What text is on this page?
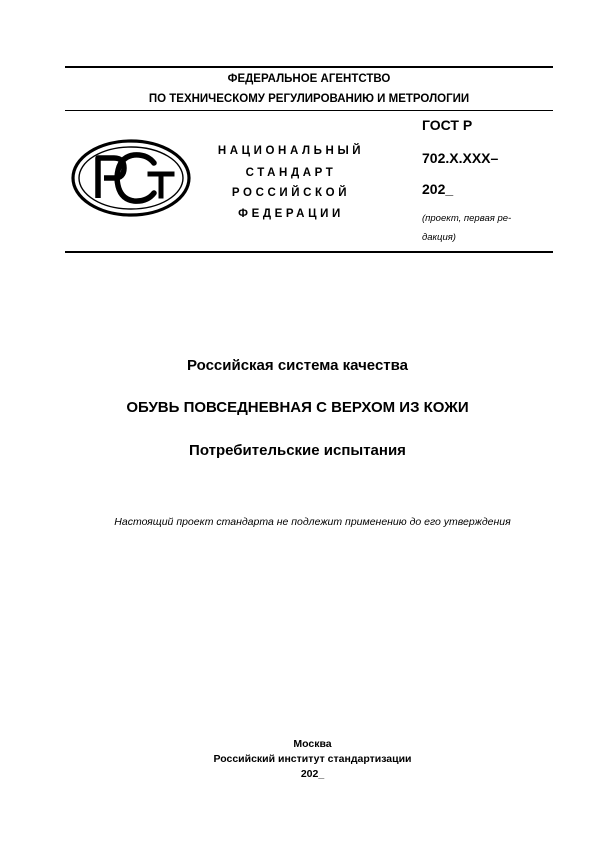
ФЕДЕРАЛЬНОЕ АГЕНТСТВО
ПО ТЕХНИЧЕСКОМУ РЕГУЛИРОВАНИЮ И МЕТРОЛОГИИ
НАЦИОНАЛЬНЫЙ
СТАНДАРТ
РОССИЙСКОЙ
ФЕДЕРАЦИИ
ГОСТ Р
702.Х.ХХХ–
202_
(проект, первая ре-
дакция)
Российская система качества
ОБУВЬ ПОВСЕДНЕВНАЯ С ВЕРХОМ ИЗ КОЖИ
Потребительские испытания
Настоящий проект стандарта не подлежит применению до его утверждения
Москва
Российский институт стандартизации
202_
